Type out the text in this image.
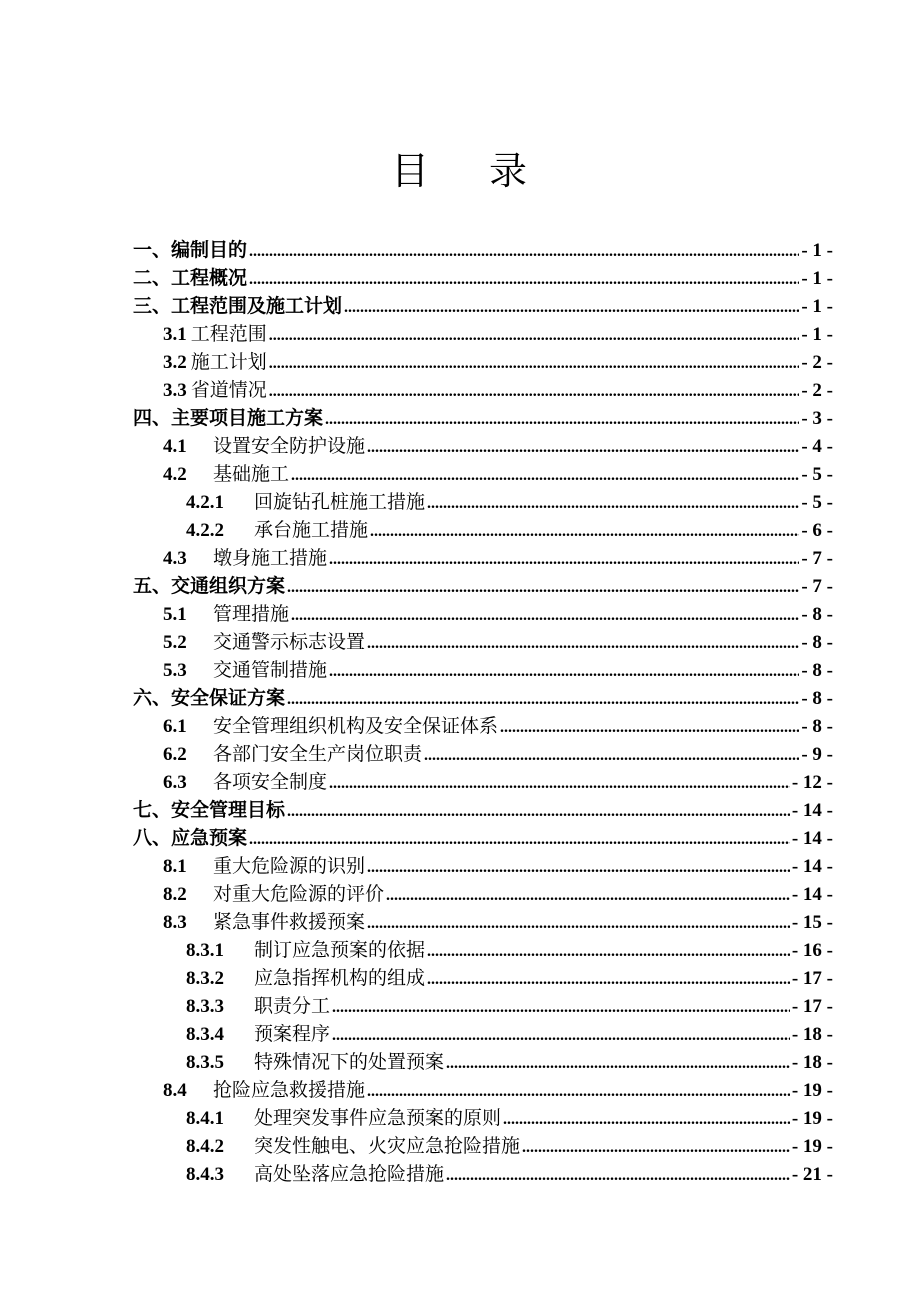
目 录
一、编制目的 .....	- 1 -
二、工程概况 .....	- 1 -
三、工程范围及施工计划 .....	- 1 -
3.1 工程范围 .....	- 1 -
3.2 施工计划 .....	- 2 -
3.3 省道情况 .....	- 2 -
四、主要项目施工方案 .....	- 3 -
4.1	设置安全防护设施 .....	- 4 -
4.2	基础施工 .....	- 5 -
4.2.1	回旋钻孔桩施工措施 .....	- 5 -
4.2.2	承台施工措施 .....	- 6 -
4.3	墩身施工措施 .....	- 7 -
五、交通组织方案 .....	- 7 -
5.1	管理措施 .....	- 8 -
5.2	交通警示标志设置 .....	- 8 -
5.3	交通管制措施 .....	- 8 -
六、安全保证方案 .....	- 8 -
6.1	安全管理组织机构及安全保证体系 .....	- 8 -
6.2	各部门安全生产岗位职责 .....	- 9 -
6.3	各项安全制度 .....	- 12 -
七、安全管理目标 .....	- 14 -
八、应急预案 .....	- 14 -
8.1	重大危险源的识别 .....	- 14 -
8.2	对重大危险源的评价 .....	- 14 -
8.3	紧急事件救援预案 .....	- 15 -
8.3.1	制订应急预案的依据 .....	- 16 -
8.3.2	应急指挥机构的组成 .....	- 17 -
8.3.3	职责分工 .....	- 17 -
8.3.4	预案程序 .....	- 18 -
8.3.5	特殊情况下的处置预案 .....	- 18 -
8.4	抢险应急救援措施 .....	- 19 -
8.4.1	处理突发事件应急预案的原则 .....	- 19 -
8.4.2	突发性触电、火灾应急抢险措施 .....	- 19 -
8.4.3	高处坠落应急抢险措施 .....	- 21 -
